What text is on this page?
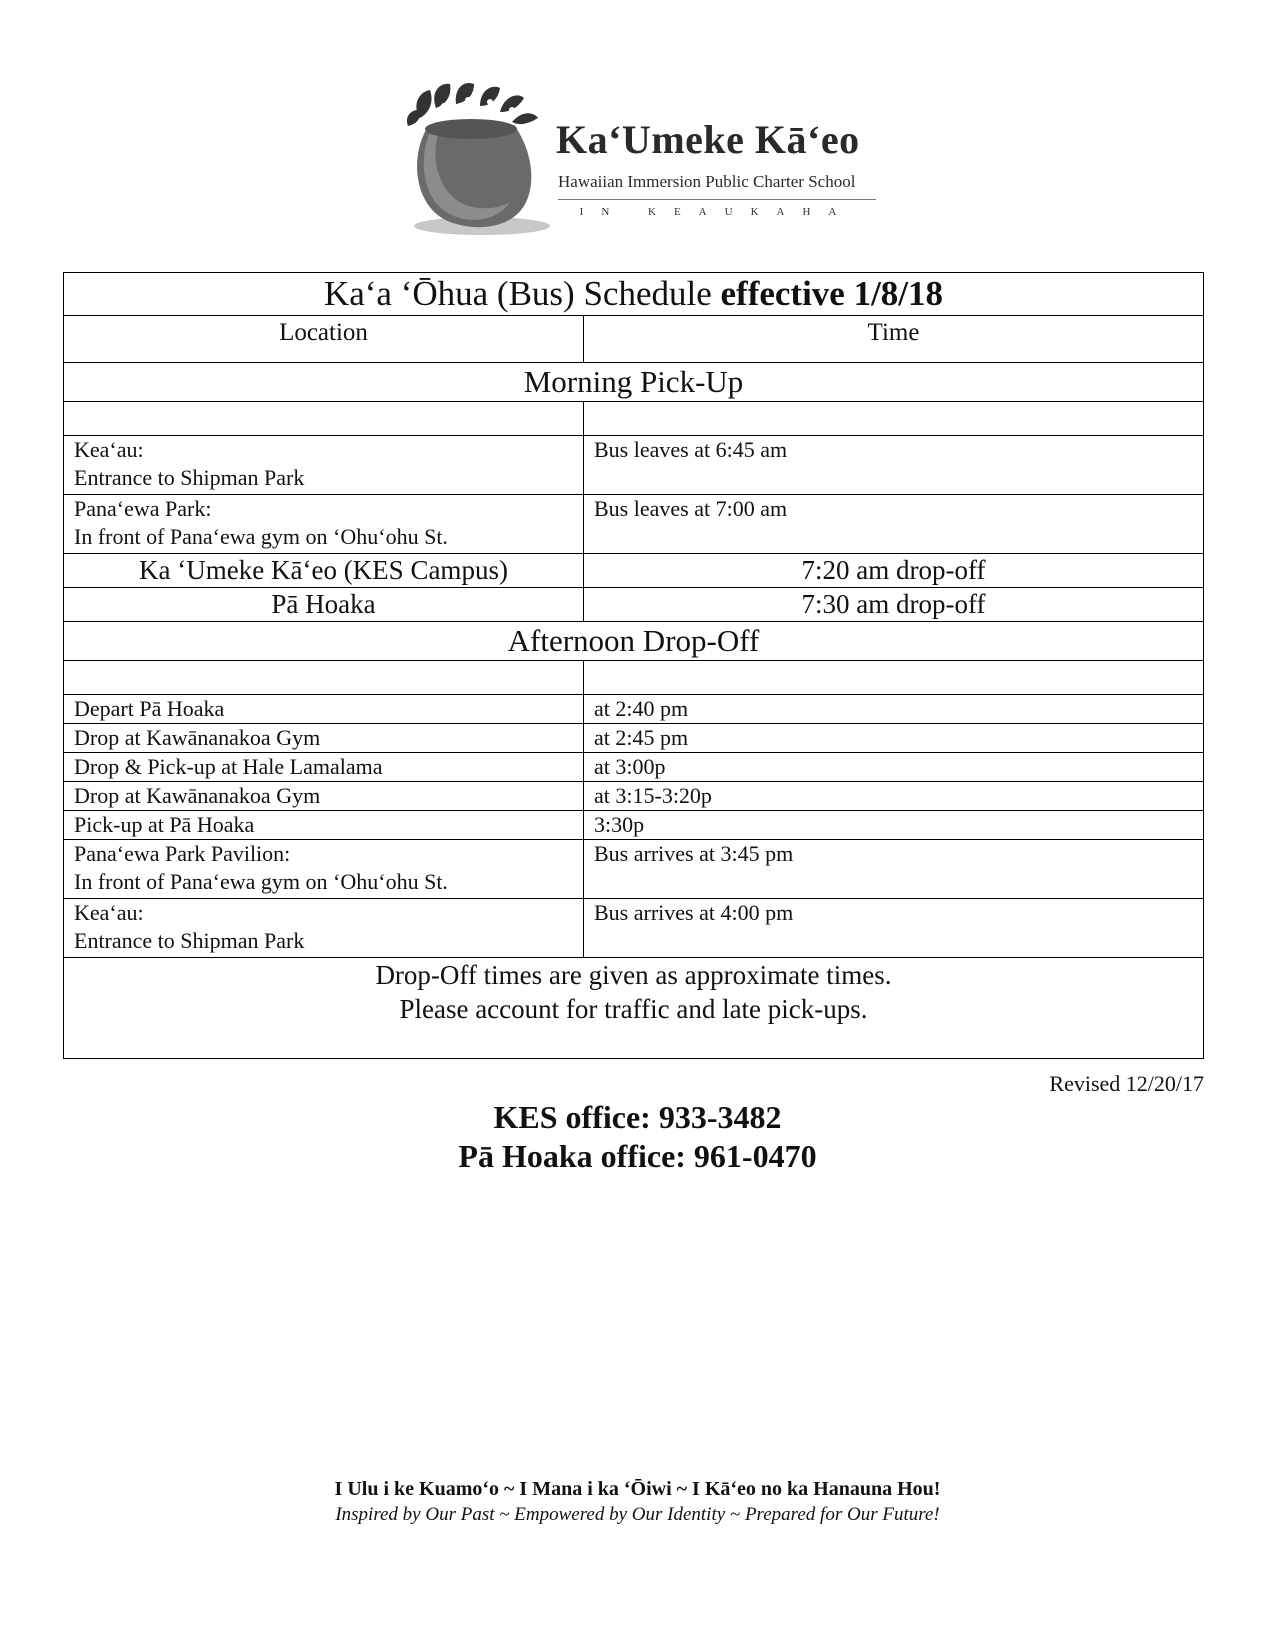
Ka‘Umeke Kā‘eo
Hawaiian Immersion Public Charter School
IN KEAUKAHA
Ka‘a ‘Ōhua (Bus) Schedule effective 1/8/18	
Location	Time
Morning Pick-Up	

Kea‘au:
Entrance to Shipman Park	Bus leaves at 6:45 am

Pana‘ewa Park:
In front of Pana‘ewa gym on ‘Ohu‘ohu St.	Bus leaves at 7:00 am
Ka ‘Umeke Kā‘eo (KES Campus)	7:20 am drop-off
Pā Hoaka	7:30 am drop-off
Afternoon Drop-Off	

Depart Pā Hoaka	at 2:40 pm
Drop at Kawānanakoa Gym	at 2:45 pm
Drop & Pick-up at Hale Lamalama	at 3:00p
Drop at Kawānanakoa Gym	at 3:15-3:20p
Pick-up at Pā Hoaka	3:30p

Pana‘ewa Park Pavilion:
In front of Pana‘ewa gym on ‘Ohu‘ohu St.	Bus arrives at 3:45 pm

Kea‘au:
Entrance to Shipman Park	Bus arrives at 4:00 pm

Drop-Off times are given as approximate times.
Please account for traffic and late pick-ups.	
Revised 12/20/17
KES office: 933-3482
Pā Hoaka office: 961-0470
I Ulu i ke Kuamo‘o ~ I Mana i ka ‘Ōiwi ~ I Kā‘eo no ka Hanauna Hou!
Inspired by Our Past ~ Empowered by Our Identity ~ Prepared for Our Future!
